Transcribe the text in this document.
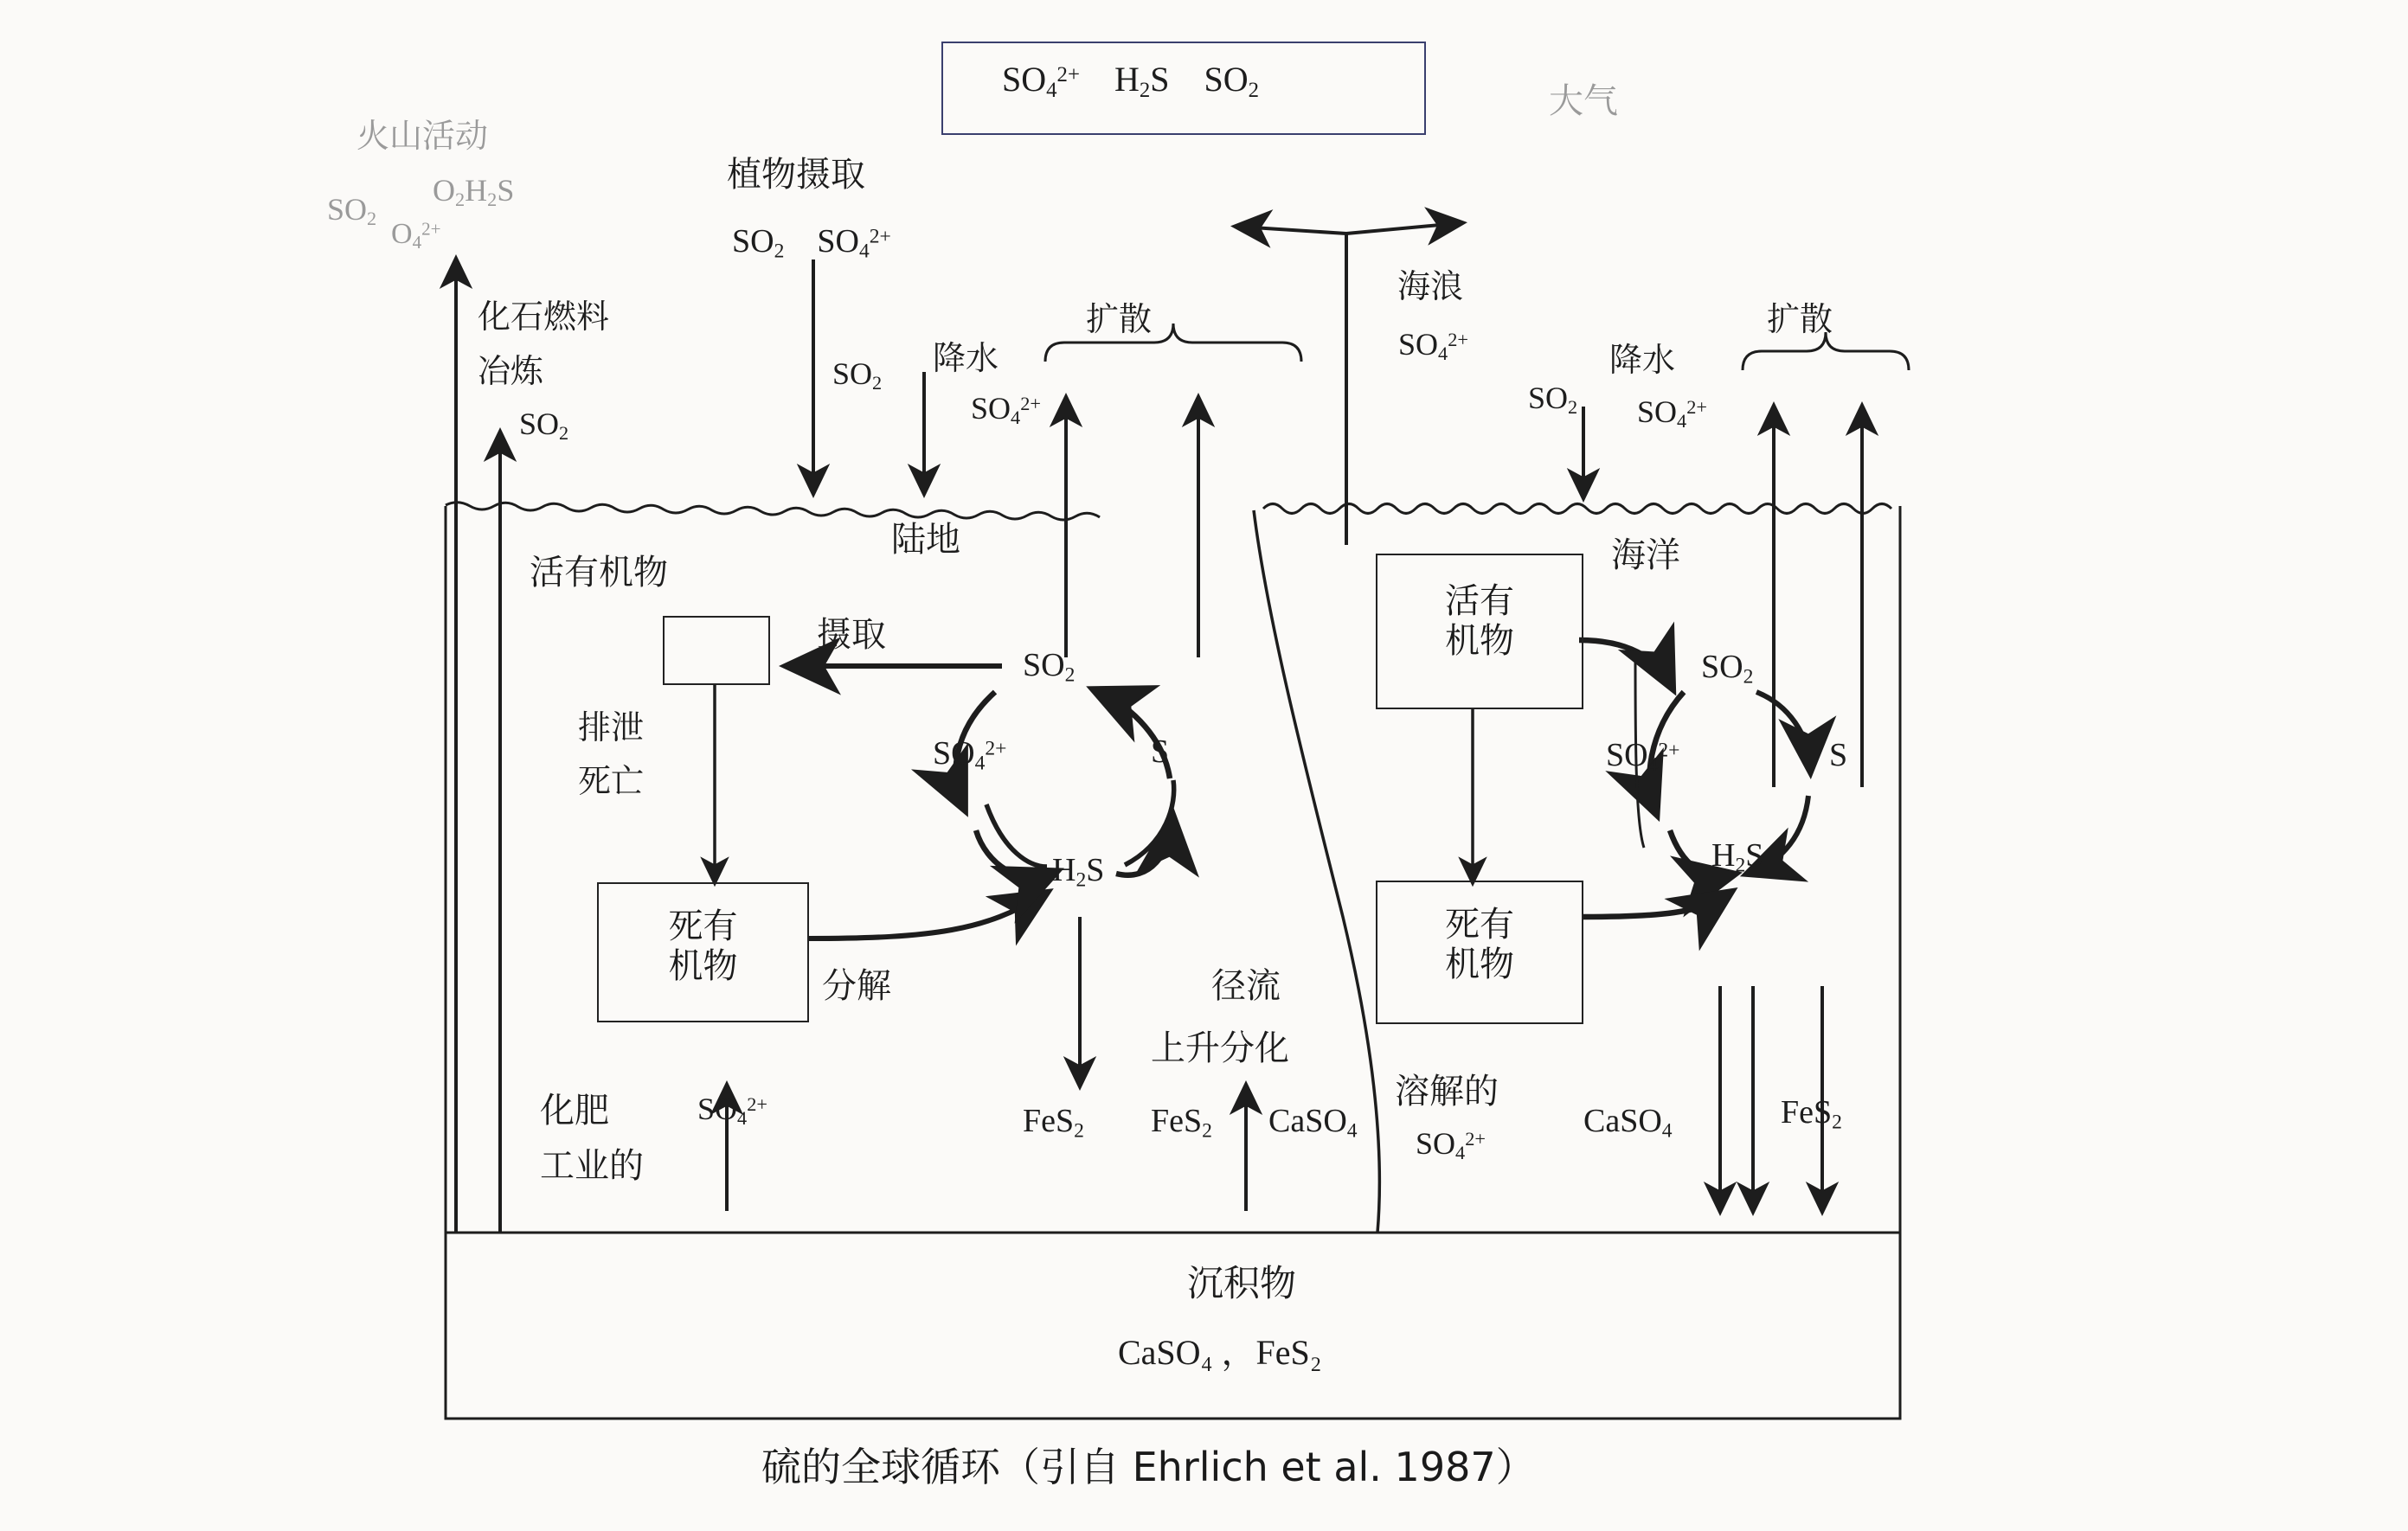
$SO_4^{2+}$ $H_2S$ $SO_2$	大气
火山活动
$SO_2$
$O_2H_2S$
$O_4^{2+}$
化石燃料
冶炼
$SO_2$
植物摄取
$SO_2$ $SO_4^{2+}$
$SO_2$
降水
$SO_4^{2+}$
扩散
海浪
$SO_4^{2+}$
$SO_2$
降水
$SO_4^{2+}$
扩散
陆地	海洋
活有机物
摄取
排泄
死亡
死有
机物	分解
$SO_2$
$SO_4^{2+}$	S
$H_2S$
活有
机物
死有
机物
$SO_2$
$SO_4^{2+}$	S
$H_2S$
径流
上升分化
溶解的
$SO_4^{2+}$
化肥
工业的
$SO_4^{2+}$	FeS$_2$ FeS$_2$ CaSO$_4$	CaSO$_4$
FeS$_2$
沉积物
CaSO₄ ，FeS₂
硫的全球循环（引自 Ehrlich et al. 1987）
